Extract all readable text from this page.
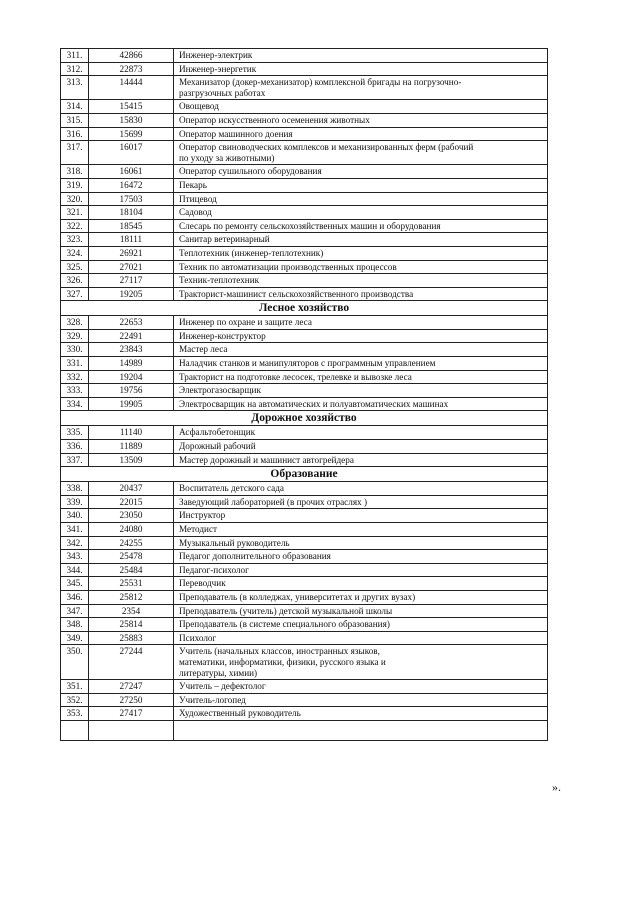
311.	42866	Инженер-электрик
312.	22873	Инженер-энергетик
313.	14444	Механизатор (докер-механизатор) комплексной бригады на погрузочно-
разгрузочных работах
314.	15415	Овощевод
315.	15830	Оператор искусственного осеменения животных
316.	15699	Оператор машинного доения
317.	16017	Оператор свиноводческих комплексов и механизированных ферм (рабочий
по уходу за животными)
318.	16061	Оператор сушильного оборудования
319.	16472	Пекарь
320.	17503	Птицевод
321.	18104	Садовод
322.	18545	Слесарь по ремонту сельскохозяйственных машин и оборудования
323.	18111	Санитар ветеринарный
324.	26921	Теплотехник (инженер-теплотехник)
325.	27021	Техник по автоматизации производственных процессов
326.	27117	Техник-теплотехник
327.	19205	Тракторист-машинист сельскохозяйственного производства
Лесное хозяйство		
328.	22653	Инженер по охране и защите леса
329.	22491	Инженер-конструктор
330.	23843	Мастер леса
331.	14989	Наладчик станков и манипуляторов с программным управлением
332.	19204	Тракторист на подготовке лесосек, трелевке и вывозке леса
333.	19756	Электрогазосварщик
334.	19905	Электросварщик на автоматических и полуавтоматических машинах
Дорожное хозяйство		
335.	11140	Асфальтобетонщик
336.	11889	Дорожный рабочий
337.	13509	Мастер дорожный и машинист автогрейдера
Образование		
338.	20437	Воспитатель детского сада
339.	22015	Заведующий лабораторией (в прочих отраслях )
340.	23050	Инструктор
341.	24080	Методист
342.	24255	Музыкальный руководитель
343.	25478	Педагог дополнительного образования
344.	25484	Педагог-психолог
345.	25531	Переводчик
346.	25812	Преподаватель (в колледжах, университетах и других вузах)
347.	2354	Преподаватель (учитель) детской музыкальной школы
348.	25814	Преподаватель (в системе специального образования)
349.	25883	Психолог
350.	27244	Учитель (начальных классов, иностранных языков,
математики, информатики, физики, русского языка и
литературы, химии)
351.	27247	Учитель – дефектолог
352.	27250	Учитель-логопед
353.	27417	Художественный руководитель

».
